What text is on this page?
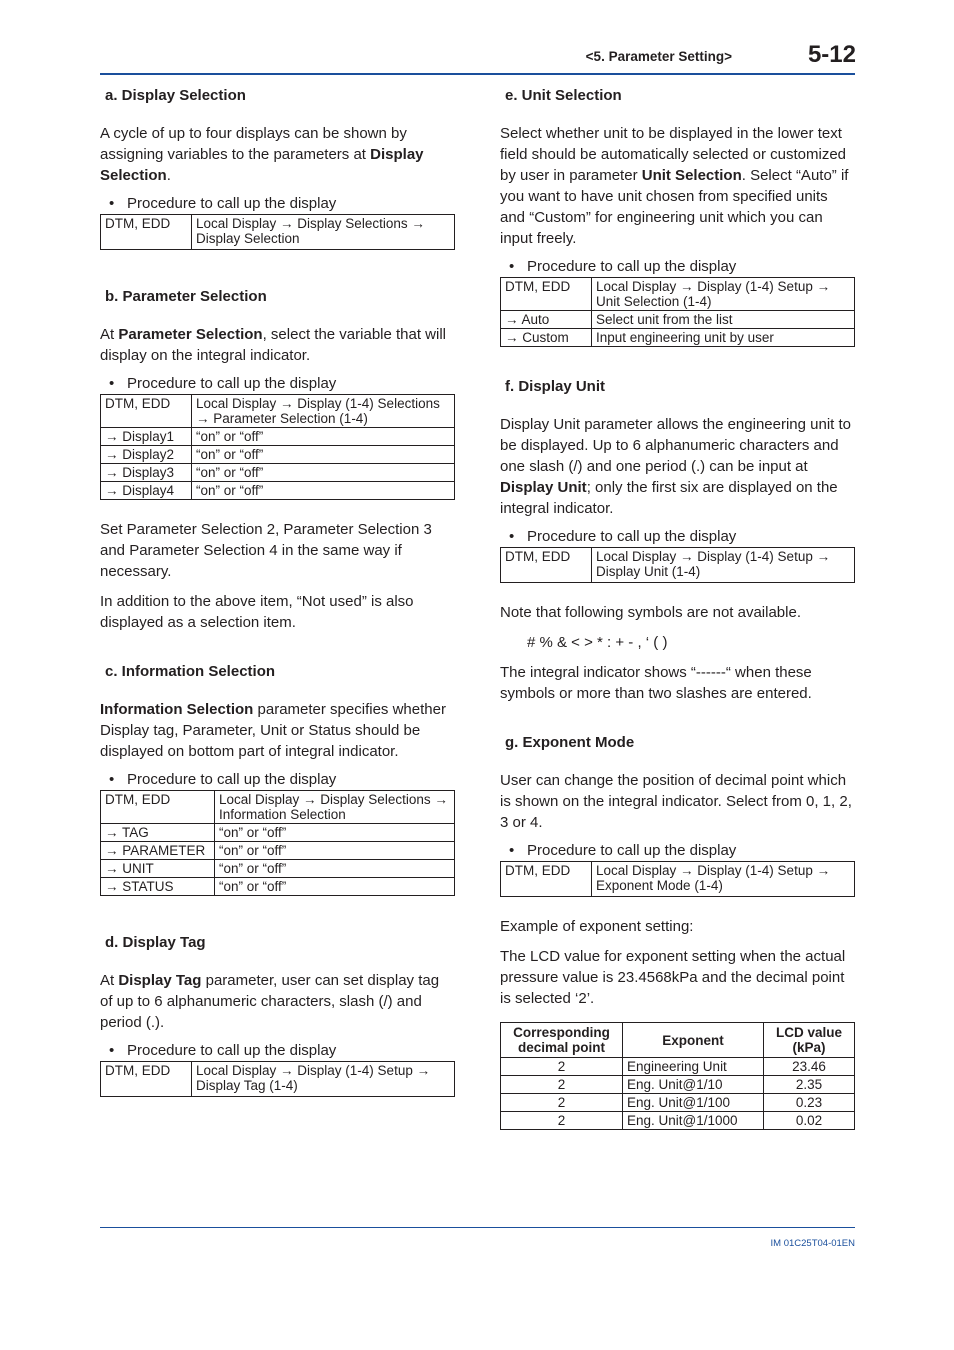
<5. Parameter Setting>	5-12
a. Display Selection

A cycle of up to four displays can be shown by assigning variables to the parameters at Display Selection.

• Procedure to call up the display
DTM, EDD	Local Display → Display Selections → Display Selection
b. Parameter Selection

At Parameter Selection, select the variable that will display on the integral indicator.

• Procedure to call up the display
DTM, EDD	Local Display → Display (1-4) Selections → Parameter Selection (1-4)
→ Display1	“on” or “off”
→ Display2	“on” or “off”
→ Display3	“on” or “off”
→ Display4	“on” or “off”

Set Parameter Selection 2, Parameter Selection 3 and Parameter Selection 4 in the same way if necessary.

In addition to the above item, “Not used” is also displayed as a selection item.

c. Information Selection

Information Selection parameter specifies whether Display tag, Parameter, Unit or Status should be displayed on bottom part of integral indicator.

• Procedure to call up the display
DTM, EDD	Local Display → Display Selections → Information Selection
→ TAG	“on” or “off”
→ PARAMETER	“on” or “off”
→ UNIT	“on” or “off”
→ STATUS	“on” or “off”
d. Display Tag

At Display Tag parameter, user can set display tag of up to 6 alphanumeric characters, slash (/) and period (.).

• Procedure to call up the display
DTM, EDD	Local Display → Display (1-4) Setup → Display Tag (1-4)
e. Unit Selection

Select whether unit to be displayed in the lower text field should be automatically selected or customized by user in parameter Unit Selection. Select “Auto” if you want to have unit chosen from specified units and “Custom” for engineering unit which you can input freely.

• Procedure to call up the display
DTM, EDD	Local Display → Display (1-4) Setup → Unit Selection (1-4)
→ Auto	Select unit from the list
→ Custom	Input engineering unit by user
f. Display Unit

Display Unit parameter allows the engineering unit to be displayed. Up to 6 alphanumeric characters and one slash (/) and one period (.) can be input at Display Unit; only the first six are displayed on the integral indicator.

• Procedure to call up the display
DTM, EDD	Local Display → Display (1-4) Setup → Display Unit (1-4)

Note that following symbols are not available.

# % & < > * : + - , ‘ ( )

The integral indicator shows “------“ when these symbols or more than two slashes are entered.

g. Exponent Mode

User can change the position of decimal point which is shown on the integral indicator. Select from 0, 1, 2, 3 or 4.

• Procedure to call up the display
DTM, EDD	Local Display → Display (1-4) Setup → Exponent Mode (1-4)

Example of exponent setting:

The LCD value for exponent setting when the actual pressure value is 23.4568kPa and the decimal point is selected ‘2’.

Corresponding decimal point	Exponent	LCD value (kPa)
2	Engineering Unit	23.46
2	Eng. Unit@1/10	2.35
2	Eng. Unit@1/100	0.23
2	Eng. Unit@1/1000	0.02
IM 01C25T04-01EN
